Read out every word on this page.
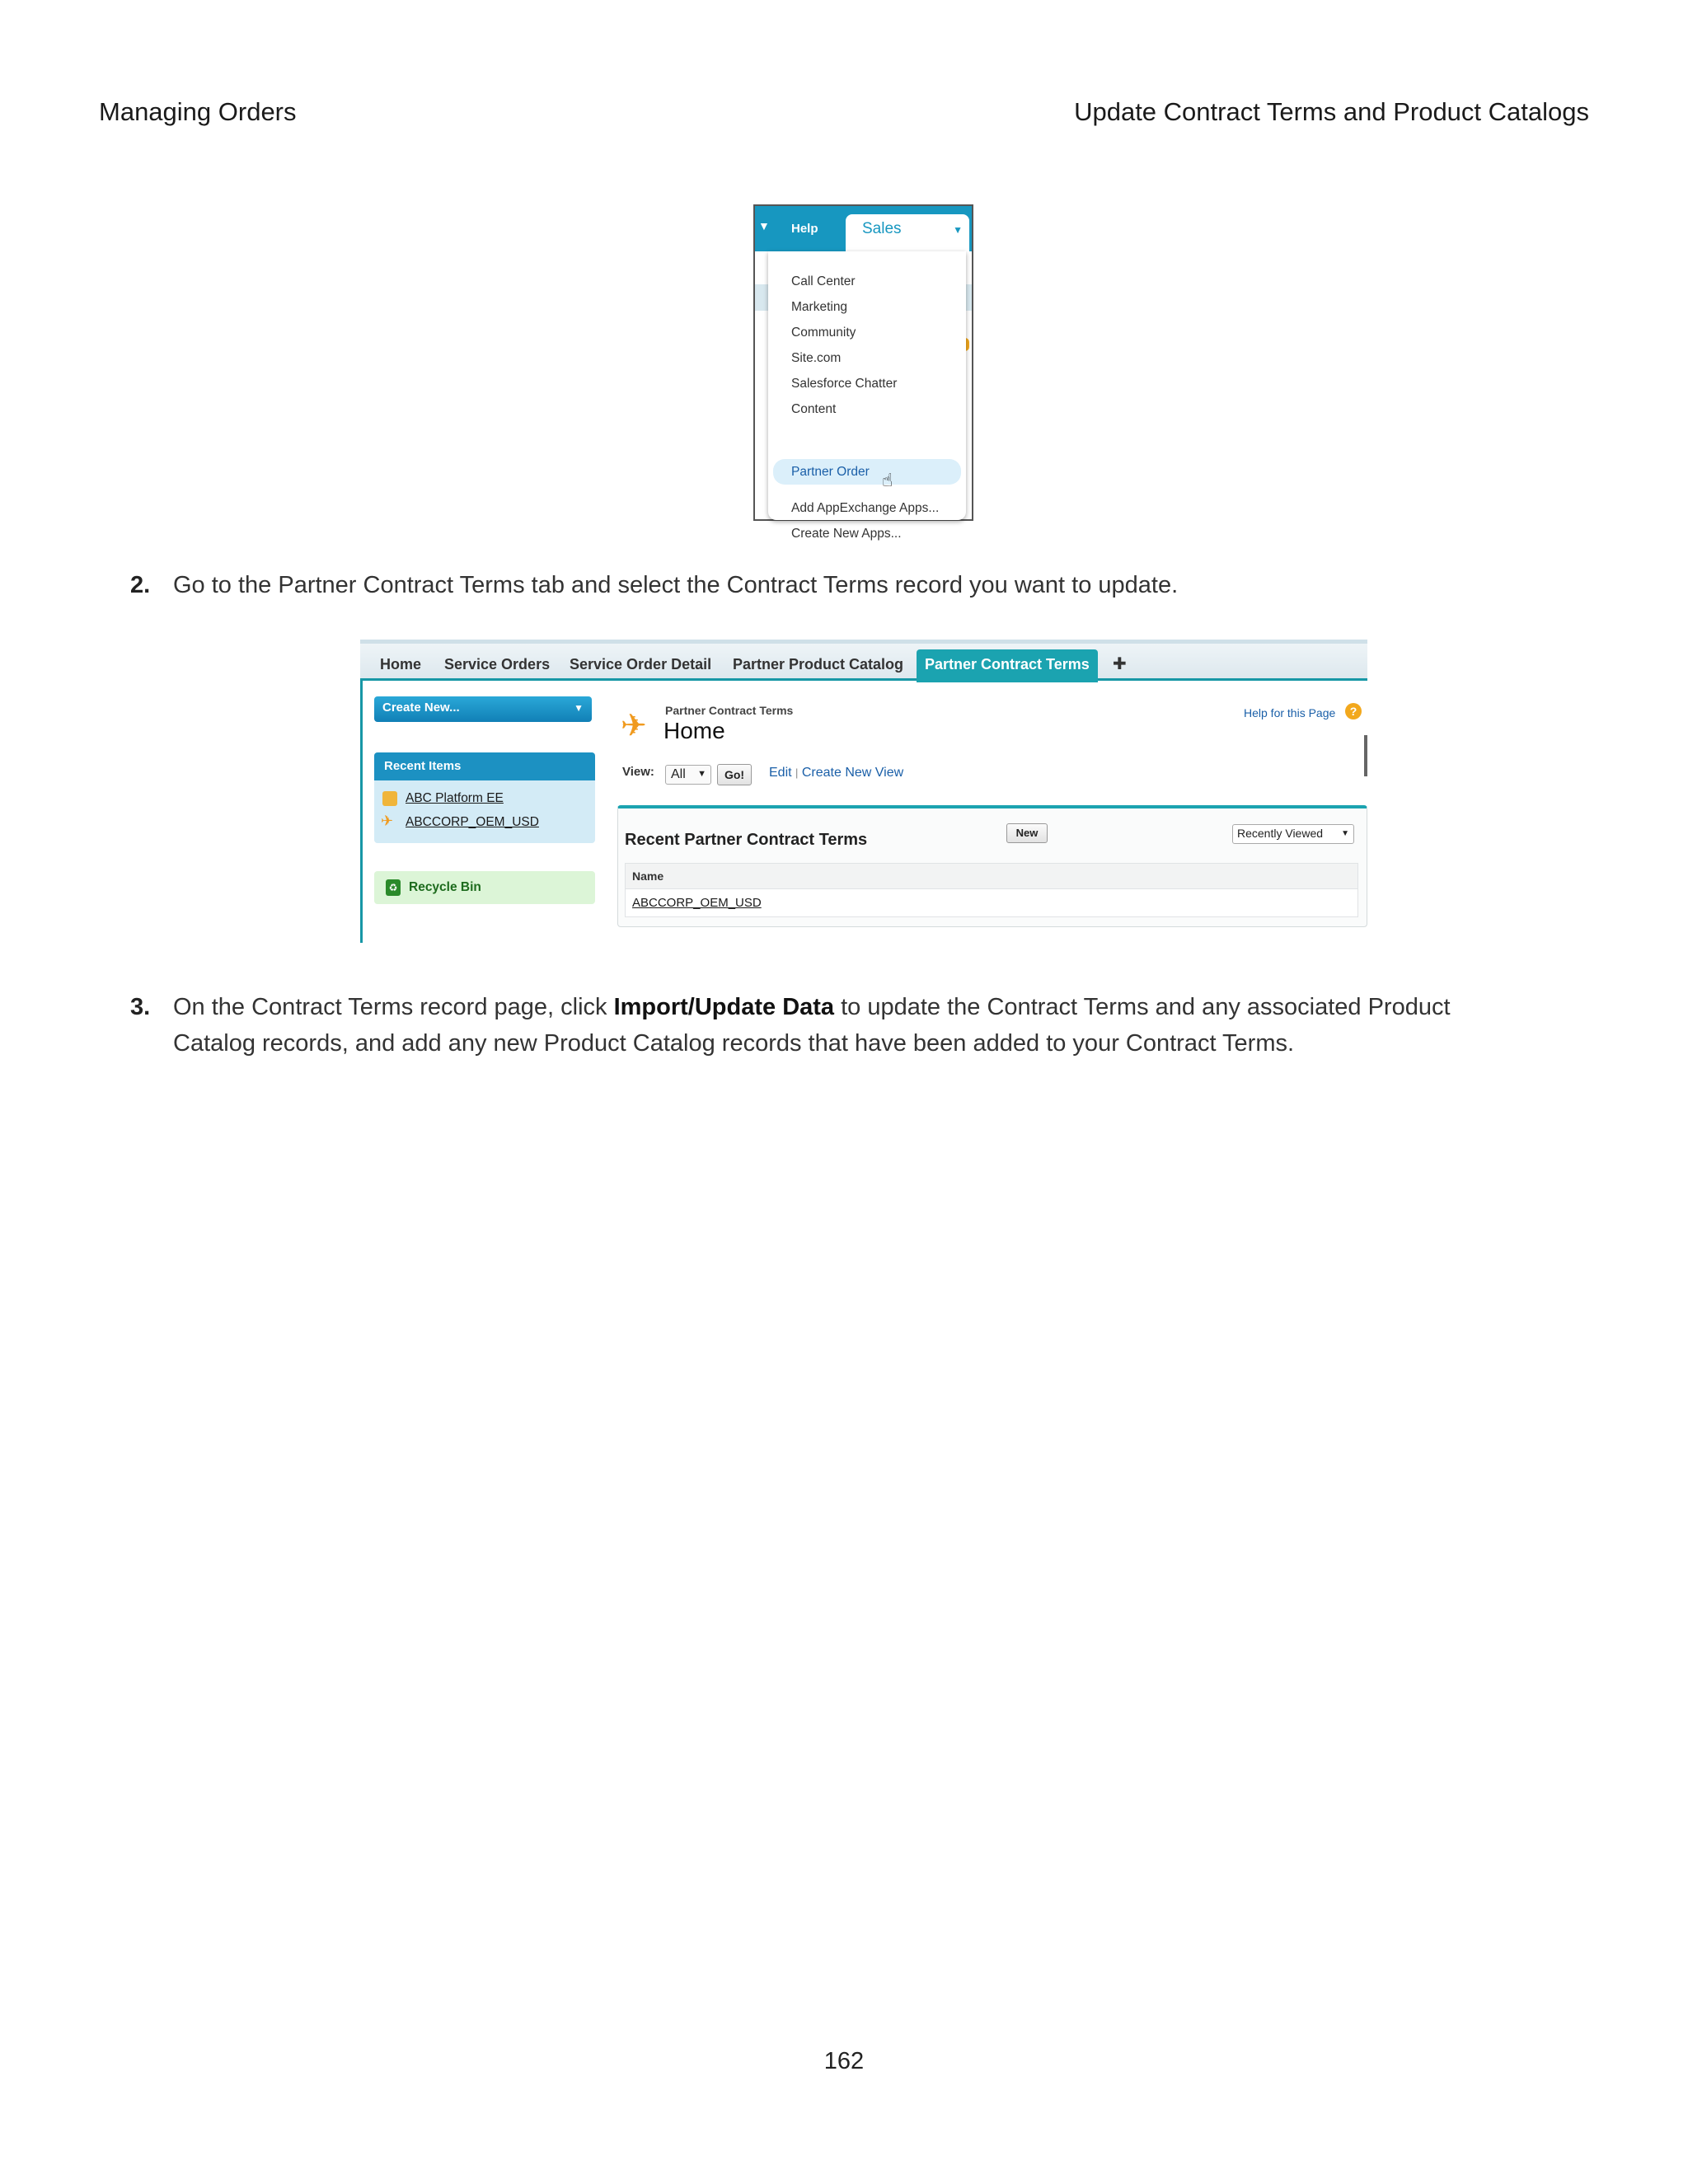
Managing Orders	Update Contract Terms and Product Catalogs
▼ Help	Sales	▼
Call Center
Marketing
Community
Site.com
Salesforce Chatter
Content
Partner Order ☝
Add AppExchange Apps...
Create New Apps...
2. Go to the Partner Contract Terms tab and select the Contract Terms record you want to update.
Home Service Orders Service Order Detail Partner Product Catalog	Partner Contract Terms	✚
Create New...	▼
Recent Items
ABC Platform EE
✈ ABCCORP_OEM_USD
♻ Recycle Bin
✈ Partner Contract Terms
Home
Help for this Page	?
View:	All ▼	Go!	Edit | Create New View
Recent Partner Contract Terms	New	Recently Viewed ▼
Name
ABCCORP_OEM_USD
3. On the Contract Terms record page, click Import/Update Data to update the Contract Terms and any associated Product Catalog records, and add any new Product Catalog records that have been added to your Contract Terms.
162
